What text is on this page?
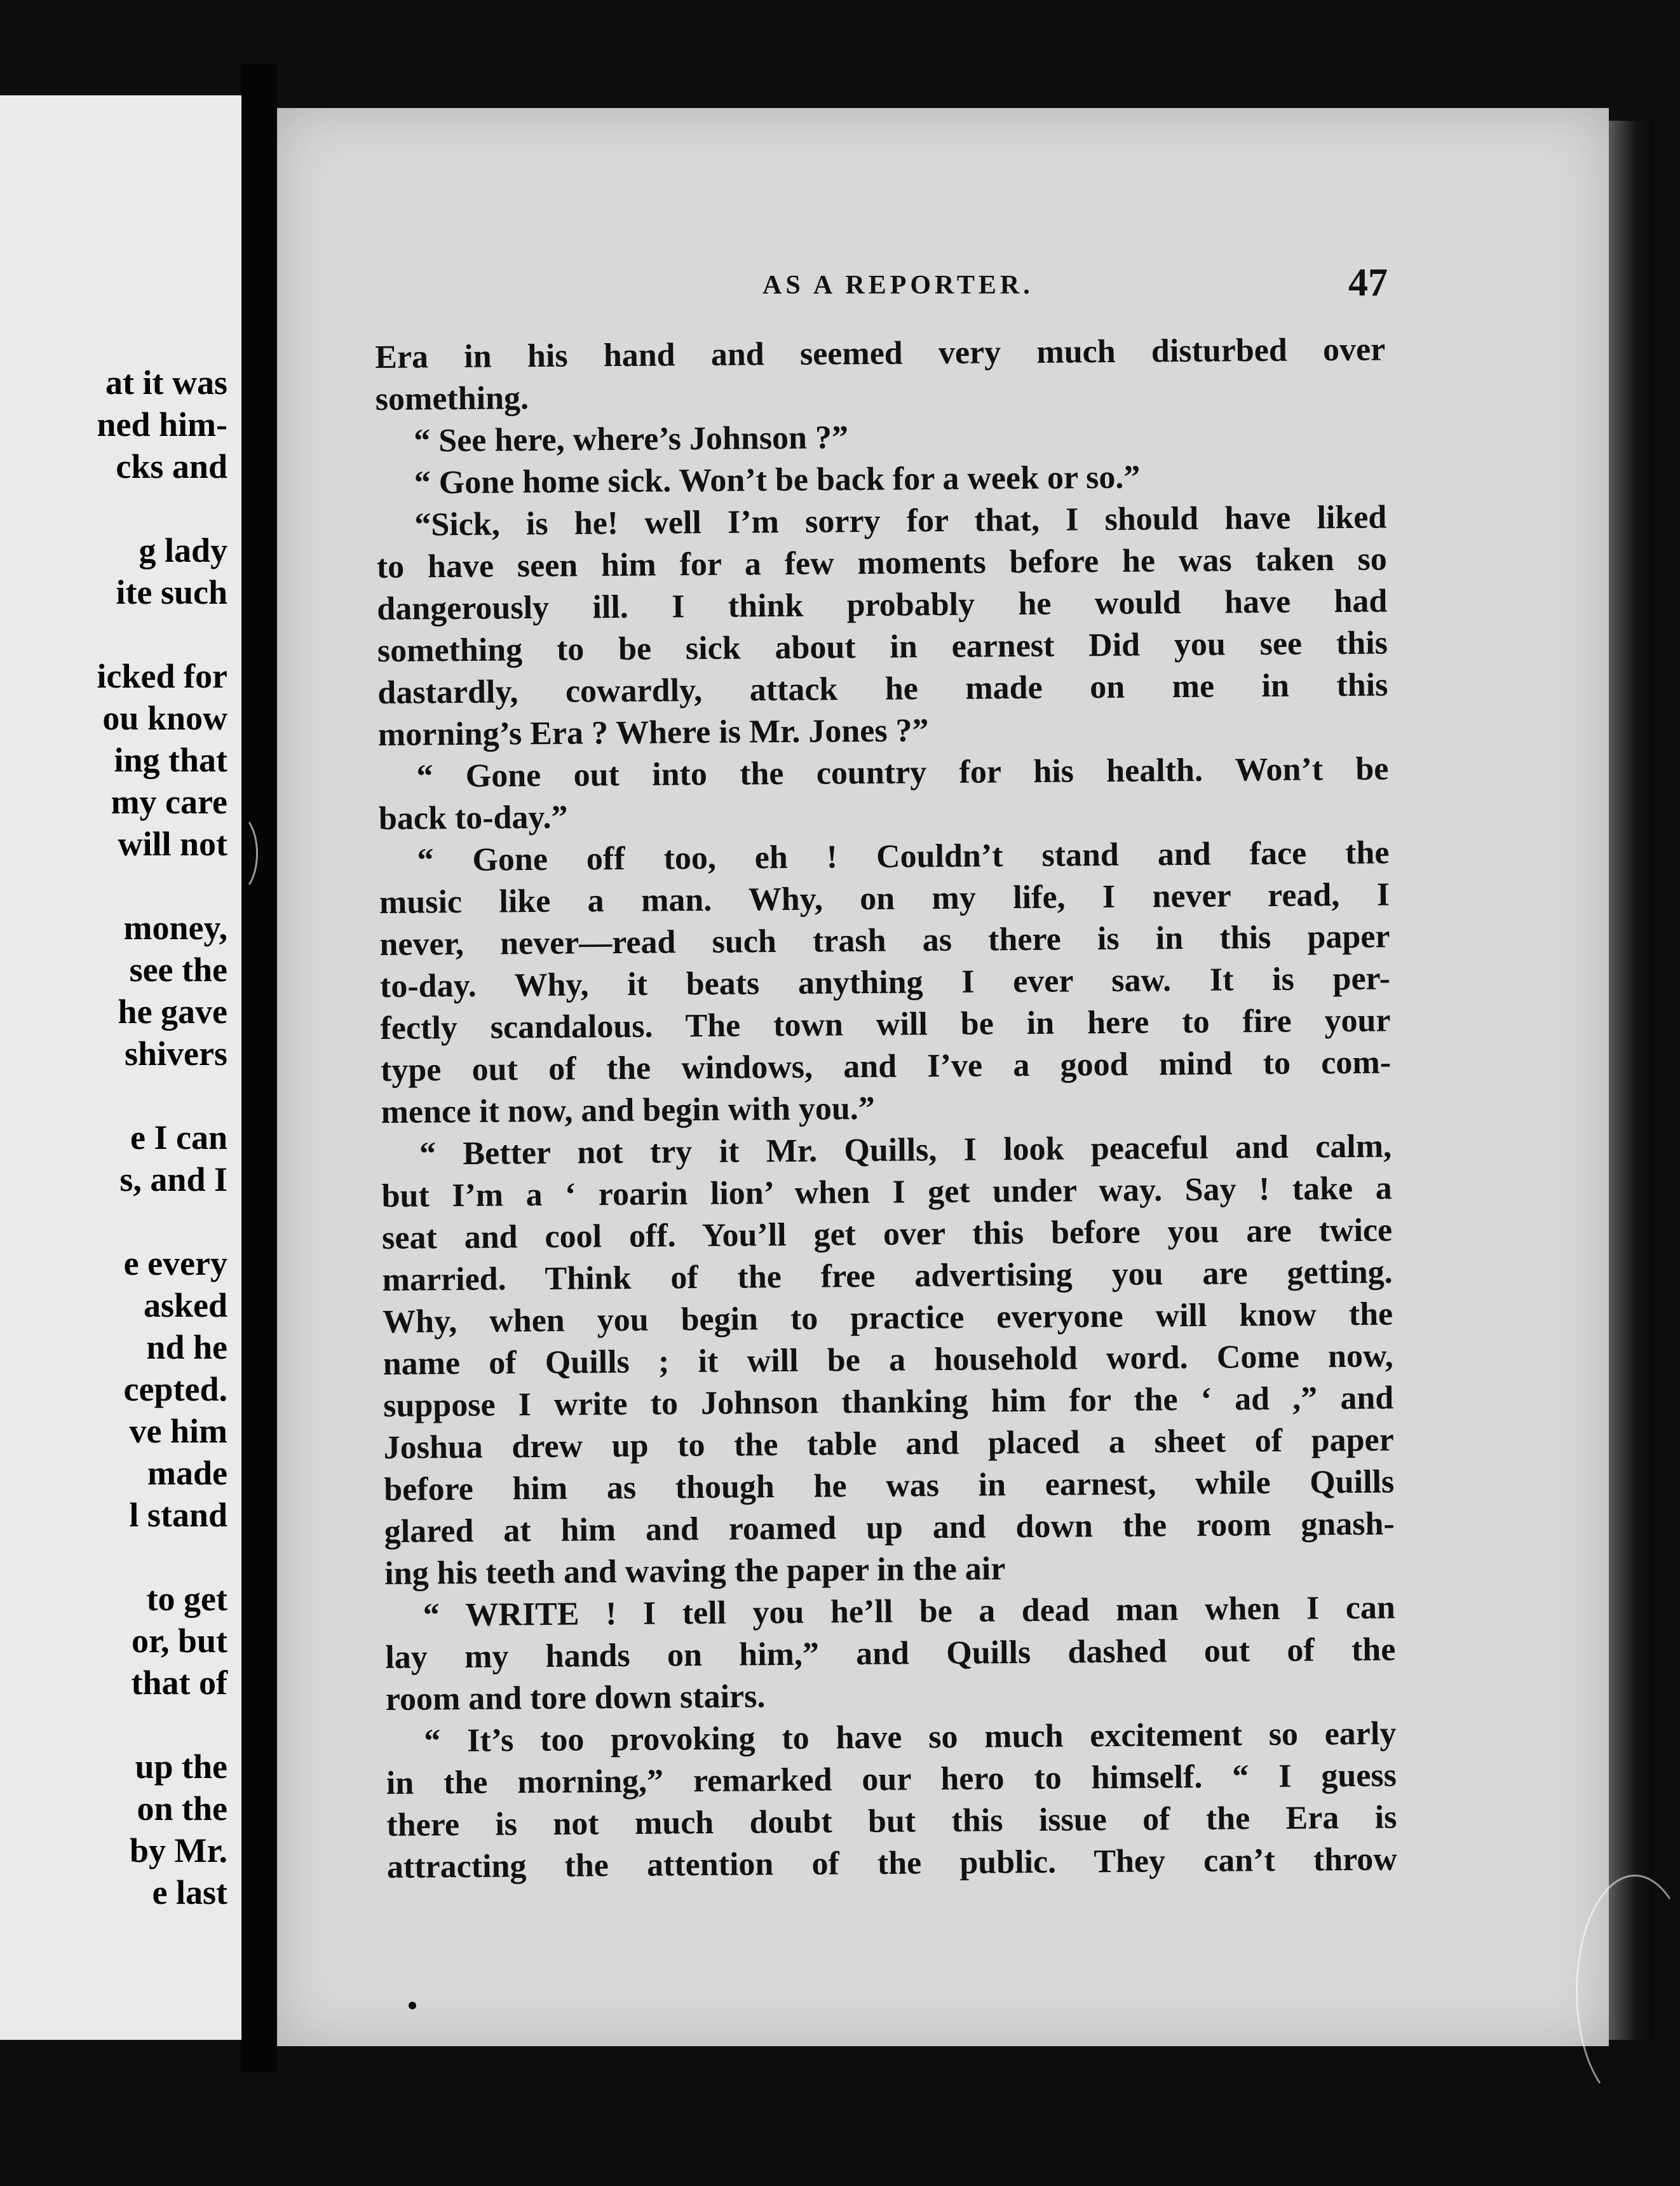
at it was
ned him-
cks and
g lady
ite such
icked for
ou know
ing that
my care
will not
money,
see the
he gave
shivers
e I can
s, and I
e every
asked
nd he
cepted.
ve him
made
l stand
to get
or, but
that of
up the
on the
by Mr.
e last
AS A REPORTER.	47
Era in his hand and seemed very much disturbed over
something.
“ See here, where’s Johnson ?”
“ Gone home sick. Won’t be back for a week or so.”
“Sick, is he! well I’m sorry for that, I should have liked
to have seen him for a few moments before he was taken so
dangerously ill. I think probably he would have had
something to be sick about in earnest Did you see this
dastardly, cowardly, attack he made on me in this
morning’s Era ? Where is Mr. Jones ?”
“ Gone out into the country for his health. Won’t be
back to-day.”
“ Gone off too, eh ! Couldn’t stand and face the
music like a man. Why, on my life, I never read, I
never, never—read such trash as there is in this paper
to-day. Why, it beats anything I ever saw. It is per-
fectly scandalous. The town will be in here to fire your
type out of the windows, and I’ve a good mind to com-
mence it now, and begin with you.”
“ Better not try it Mr. Quills, I look peaceful and calm,
but I’m a ‘ roarin lion’ when I get under way. Say ! take a
seat and cool off. You’ll get over this before you are twice
married. Think of the free advertising you are getting.
Why, when you begin to practice everyone will know the
name of Quills ; it will be a household word. Come now,
suppose I write to Johnson thanking him for the ‘ ad ,” and
Joshua drew up to the table and placed a sheet of paper
before him as though he was in earnest, while Quills
glared at him and roamed up and down the room gnash-
ing his teeth and waving the paper in the air
“ WRITE ! I tell you he’ll be a dead man when I can
lay my hands on him,” and Quills dashed out of the
room and tore down stairs.
“ It’s too provoking to have so much excitement so early
in the morning,” remarked our hero to himself. “ I guess
there is not much doubt but this issue of the Era is
attracting the attention of the public. They can’t throw
